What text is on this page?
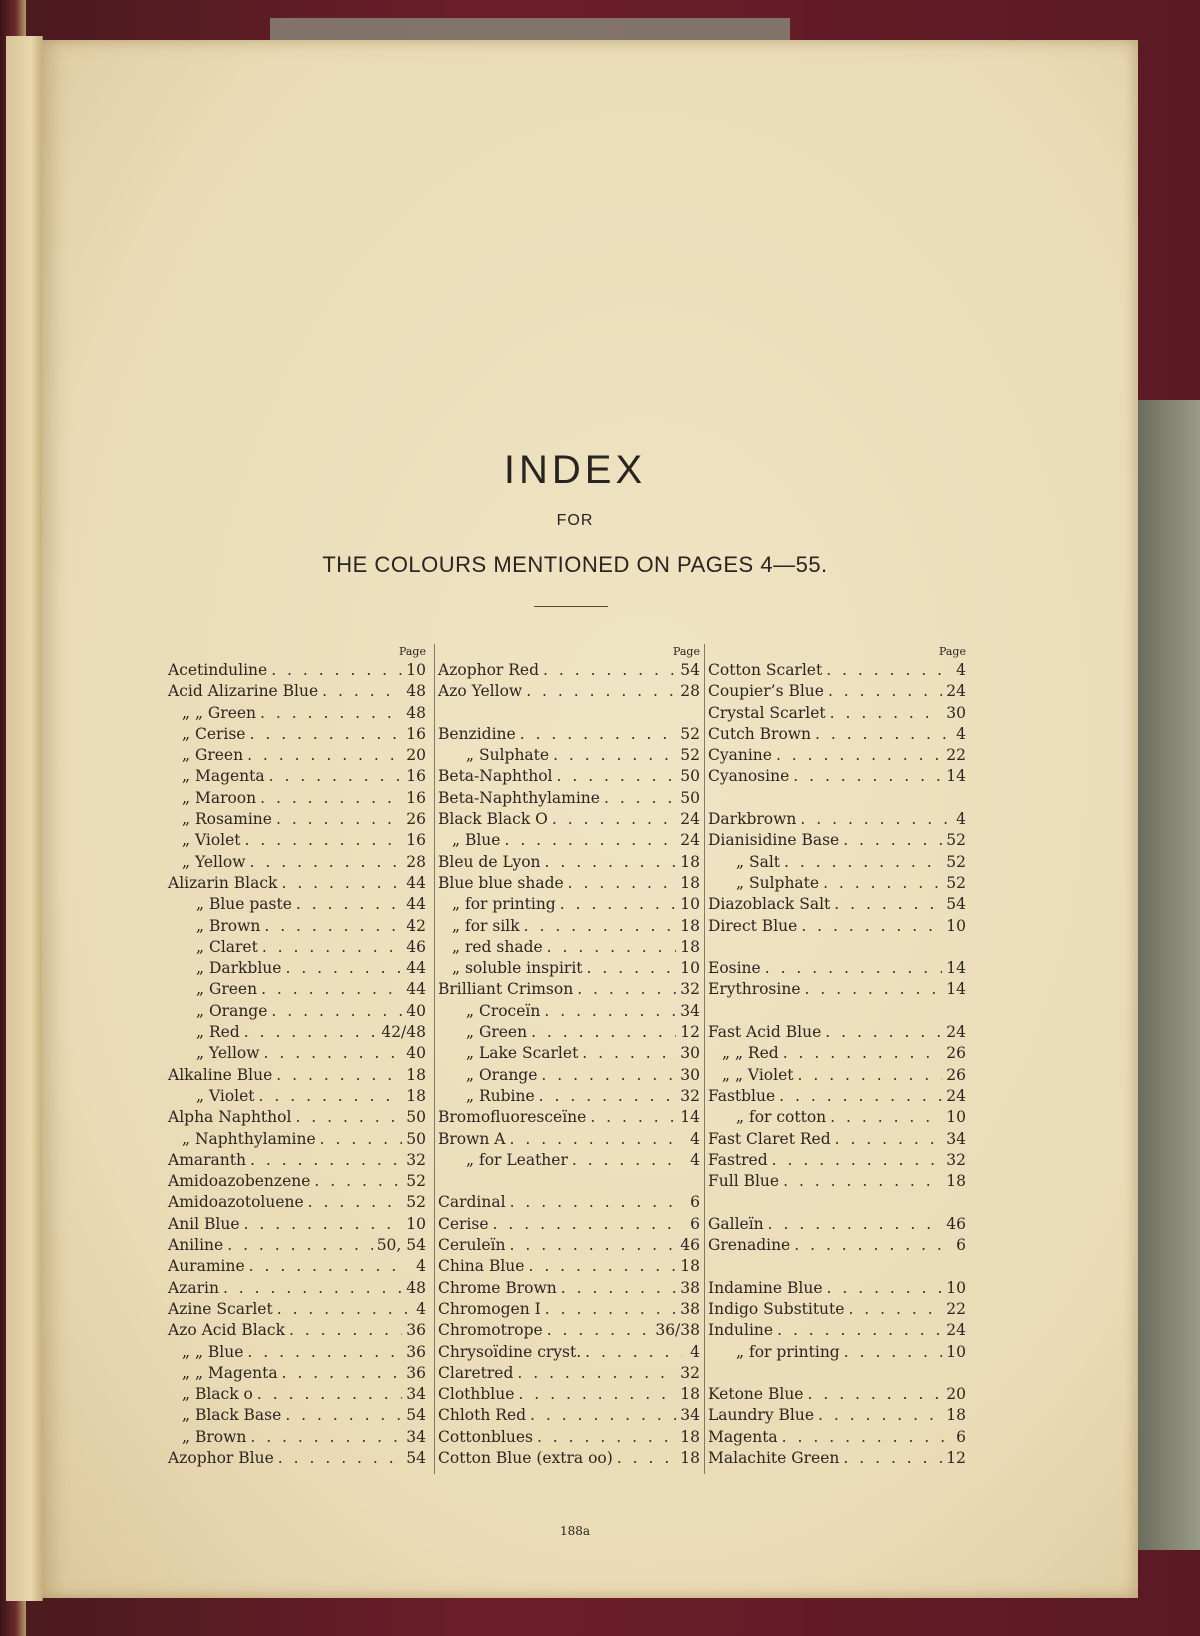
INDEX
FOR
THE COLOURS MENTIONED ON PAGES 4—55.
Page
Acetinduline . . .	10
Acid Alizarine Blue . . .	48
„ „ Green . . .	48
„ Cerise . . .	16
„ Green . . .	20
„ Magenta . . .	16
„ Maroon . . .	16
„ Rosamine . . .	26
„ Violet . . .	16
„ Yellow . . .	28
Alizarin Black . . .	44
„ Blue paste . . .	44
„ Brown . . .	42
„ Claret . . .	46
„ Darkblue . . .	44
„ Green . . .	44
„ Orange . . .	40
„ Red . . .	42/48
„ Yellow . . .	40
Alkaline Blue . . .	18
„ Violet . . .	18
Alpha Naphthol . . .	50
„ Naphthylamine . . .	50
Amaranth . . .	32
Amidoazobenzene . . .	52
Amidoazotoluene . . .	52
Anil Blue . . .	10
Aniline . . .	50, 54
Auramine . . .	4
Azarin . . .	48
Azine Scarlet . . .	4
Azo Acid Black . . .	36
„ „ Blue . . .	36
„ „ Magenta . . .	36
„ Black o . . .	34
„ Black Base . . .	54
„ Brown . . .	34
Azophor Blue . . .	54
Page
Azophor Red . . .	54
Azo Yellow . . .	28
Benzidine . . .	52
„ Sulphate . . .	52
Beta-Naphthol . . .	50
Beta-Naphthylamine . . .	50
Black Black O . . .	24
„ Blue . . .	24
Bleu de Lyon . . .	18
Blue blue shade . . .	18
„ for printing . . .	10
„ for silk . . .	18
„ red shade . . .	18
„ soluble inspirit . . .	10
Brilliant Crimson . . .	32
„ Croceïn . . .	34
„ Green . . .	12
„ Lake Scarlet . . .	30
„ Orange . . .	30
„ Rubine . . .	32
Bromofluoresceïne . . .	14
Brown A . . .	4
„ for Leather . . .	4
Cardinal . . .	6
Cerise . . .	6
Ceruleïn . . .	46
China Blue . . .	18
Chrome Brown . . .	38
Chromogen I . . .	38
Chromotrope . . .	36/38
Chrysoïdine cryst. . . .	4
Claretred . . .	32
Clothblue . . .	18
Chloth Red . . .	34
Cottonblues . . .	18
Cotton Blue (extra oo) . . .	18
Page
Cotton Scarlet . . .	4
Coupier’s Blue . . .	24
Crystal Scarlet . . .	30
Cutch Brown . . .	4
Cyanine . . .	22
Cyanosine . . .	14
Darkbrown . . .	4
Dianisidine Base . . .	52
„ Salt . . .	52
„ Sulphate . . .	52
Diazoblack Salt . . .	54
Direct Blue . . .	10
Eosine . . .	14
Erythrosine . . .	14
Fast Acid Blue . . .	24
„ „ Red . . .	26
„ „ Violet . . .	26
Fastblue . . .	24
„ for cotton . . .	10
Fast Claret Red . . .	34
Fastred . . .	32
Full Blue . . .	18
Galleïn . . .	46
Grenadine . . .	6
Indamine Blue . . .	10
Indigo Substitute . . .	22
Induline . . .	24
„ for printing . . .	10
Ketone Blue . . .	20
Laundry Blue . . .	18
Magenta . . .	6
Malachite Green . . .	12
188a
